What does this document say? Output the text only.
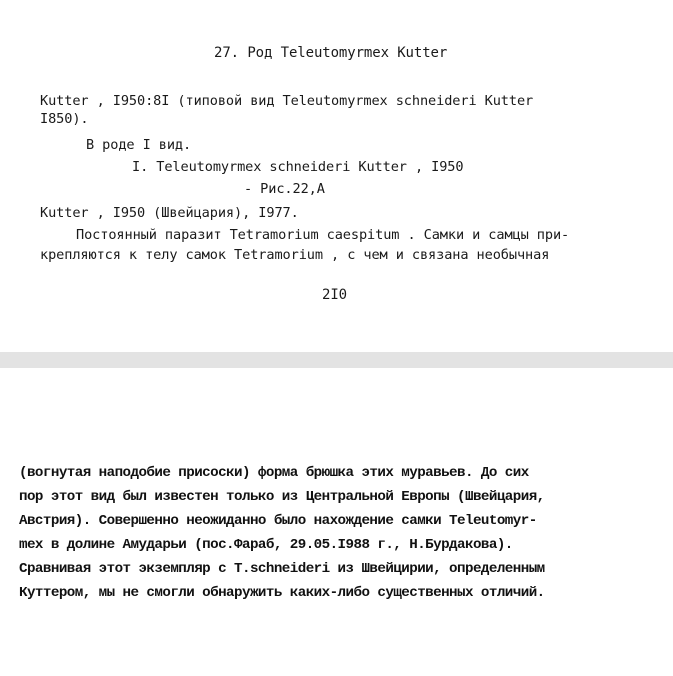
27. Род Teleutomyrmex Kutter
Kutter , I950:8I (типовой вид Teleutomyrmex schneideri Kutter
I850).
В роде I вид.
I. Teleutomyrmex schneideri Kutter , I950
- Рис.22,А
Kutter , I950 (Швейцария), I977.
Постоянный паразит Tetramorium caespitum . Самки и самцы при-
крепляются к телу самок Tetramorium , с чем и связана необычная
2I0
(вогнутая наподобие присоски) форма брюшка этих муравьев. До сих
пор этот вид был известен только из Центральной Европы (Швейцария,
Австрия). Совершенно неожиданно было нахождение самки Teleutomyr-
mex в долине Амударьи (пос.Фараб, 29.05.I988 г., Н.Бурдакова).
Сравнивая этот экземпляр с T.schneideri из Швейцирии, определенным
Куттером, мы не смогли обнаружить каких-либо существенных отличий.
